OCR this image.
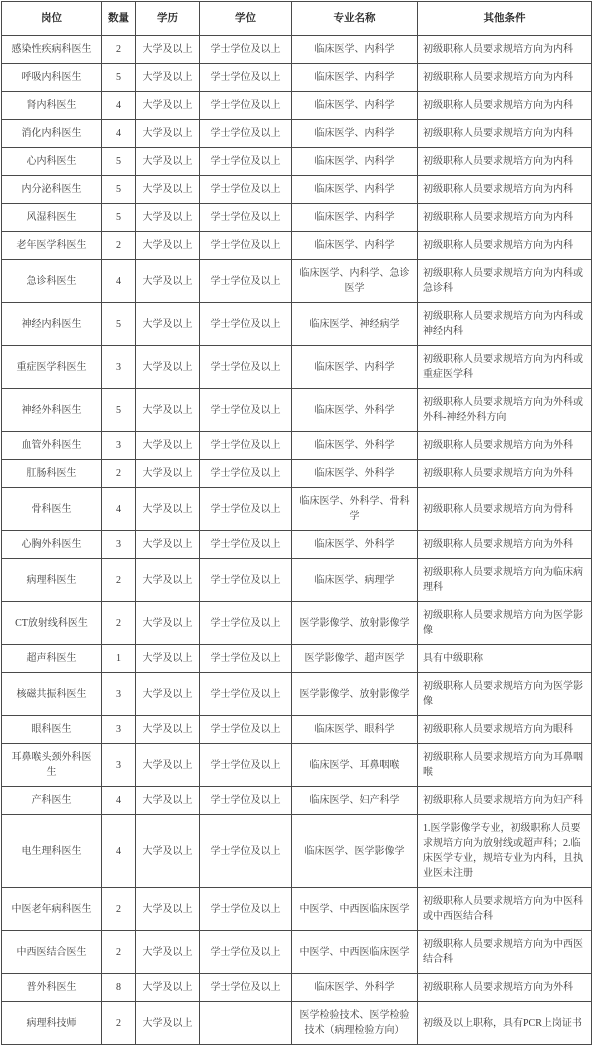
岗位	数量	学历	学位	专业名称	其他条件
感染性疾病科医生	2	大学及以上	学士学位及以上	临床医学、内科学	初级职称人员要求规培方向为内科
呼吸内科医生	5	大学及以上	学士学位及以上	临床医学、内科学	初级职称人员要求规培方向为内科
肾内科医生	4	大学及以上	学士学位及以上	临床医学、内科学	初级职称人员要求规培方向为内科
消化内科医生	4	大学及以上	学士学位及以上	临床医学、内科学	初级职称人员要求规培方向为内科
心内科医生	5	大学及以上	学士学位及以上	临床医学、内科学	初级职称人员要求规培方向为内科
内分泌科医生	5	大学及以上	学士学位及以上	临床医学、内科学	初级职称人员要求规培方向为内科
风湿科医生	5	大学及以上	学士学位及以上	临床医学、内科学	初级职称人员要求规培方向为内科
老年医学科医生	2	大学及以上	学士学位及以上	临床医学、内科学	初级职称人员要求规培方向为内科
急诊科医生	4	大学及以上	学士学位及以上	临床医学、内科学、急诊医学	初级职称人员要求规培方向为内科或急诊科
神经内科医生	5	大学及以上	学士学位及以上	临床医学、神经病学	初级职称人员要求规培方向为内科或神经内科
重症医学科医生	3	大学及以上	学士学位及以上	临床医学、内科学	初级职称人员要求规培方向为内科或重症医学科
神经外科医生	5	大学及以上	学士学位及以上	临床医学、外科学	初级职称人员要求规培方向为外科或外科-神经外科方向
血管外科医生	3	大学及以上	学士学位及以上	临床医学、外科学	初级职称人员要求规培方向为外科
肛肠科医生	2	大学及以上	学士学位及以上	临床医学、外科学	初级职称人员要求规培方向为外科
骨科医生	4	大学及以上	学士学位及以上	临床医学、外科学、骨科学	初级职称人员要求规培方向为骨科
心胸外科医生	3	大学及以上	学士学位及以上	临床医学、外科学	初级职称人员要求规培方向为外科
病理科医生	2	大学及以上	学士学位及以上	临床医学、病理学	初级职称人员要求规培方向为临床病理科
CT放射线科医生	2	大学及以上	学士学位及以上	医学影像学、放射影像学	初级职称人员要求规培方向为医学影像
超声科医生	1	大学及以上	学士学位及以上	医学影像学、超声医学	具有中级职称
核磁共振科医生	3	大学及以上	学士学位及以上	医学影像学、放射影像学	初级职称人员要求规培方向为医学影像
眼科医生	3	大学及以上	学士学位及以上	临床医学、眼科学	初级职称人员要求规培方向为眼科
耳鼻喉头颈外科医生	3	大学及以上	学士学位及以上	临床医学、耳鼻咽喉	初级职称人员要求规培方向为耳鼻咽喉
产科医生	4	大学及以上	学士学位及以上	临床医学、妇产科学	初级职称人员要求规培方向为妇产科
电生理科医生	4	大学及以上	学士学位及以上	临床医学、医学影像学	1.医学影像学专业，初级职称人员要求规培方向为放射线或超声科；2.临床医学专业，规培专业为内科，且执业医未注册
中医老年病科医生	2	大学及以上	学士学位及以上	中医学、中西医临床医学	初级职称人员要求规培方向为中医科或中西医结合科
中西医结合医生	2	大学及以上	学士学位及以上	中医学、中西医临床医学	初级职称人员要求规培方向为中西医结合科
普外科医生	8	大学及以上	学士学位及以上	临床医学、外科学	初级职称人员要求规培方向为外科
病理科技师	2	大学及以上		医学检验技术、医学检验技术（病理检验方向）	初级及以上职称，具有PCR上岗证书
